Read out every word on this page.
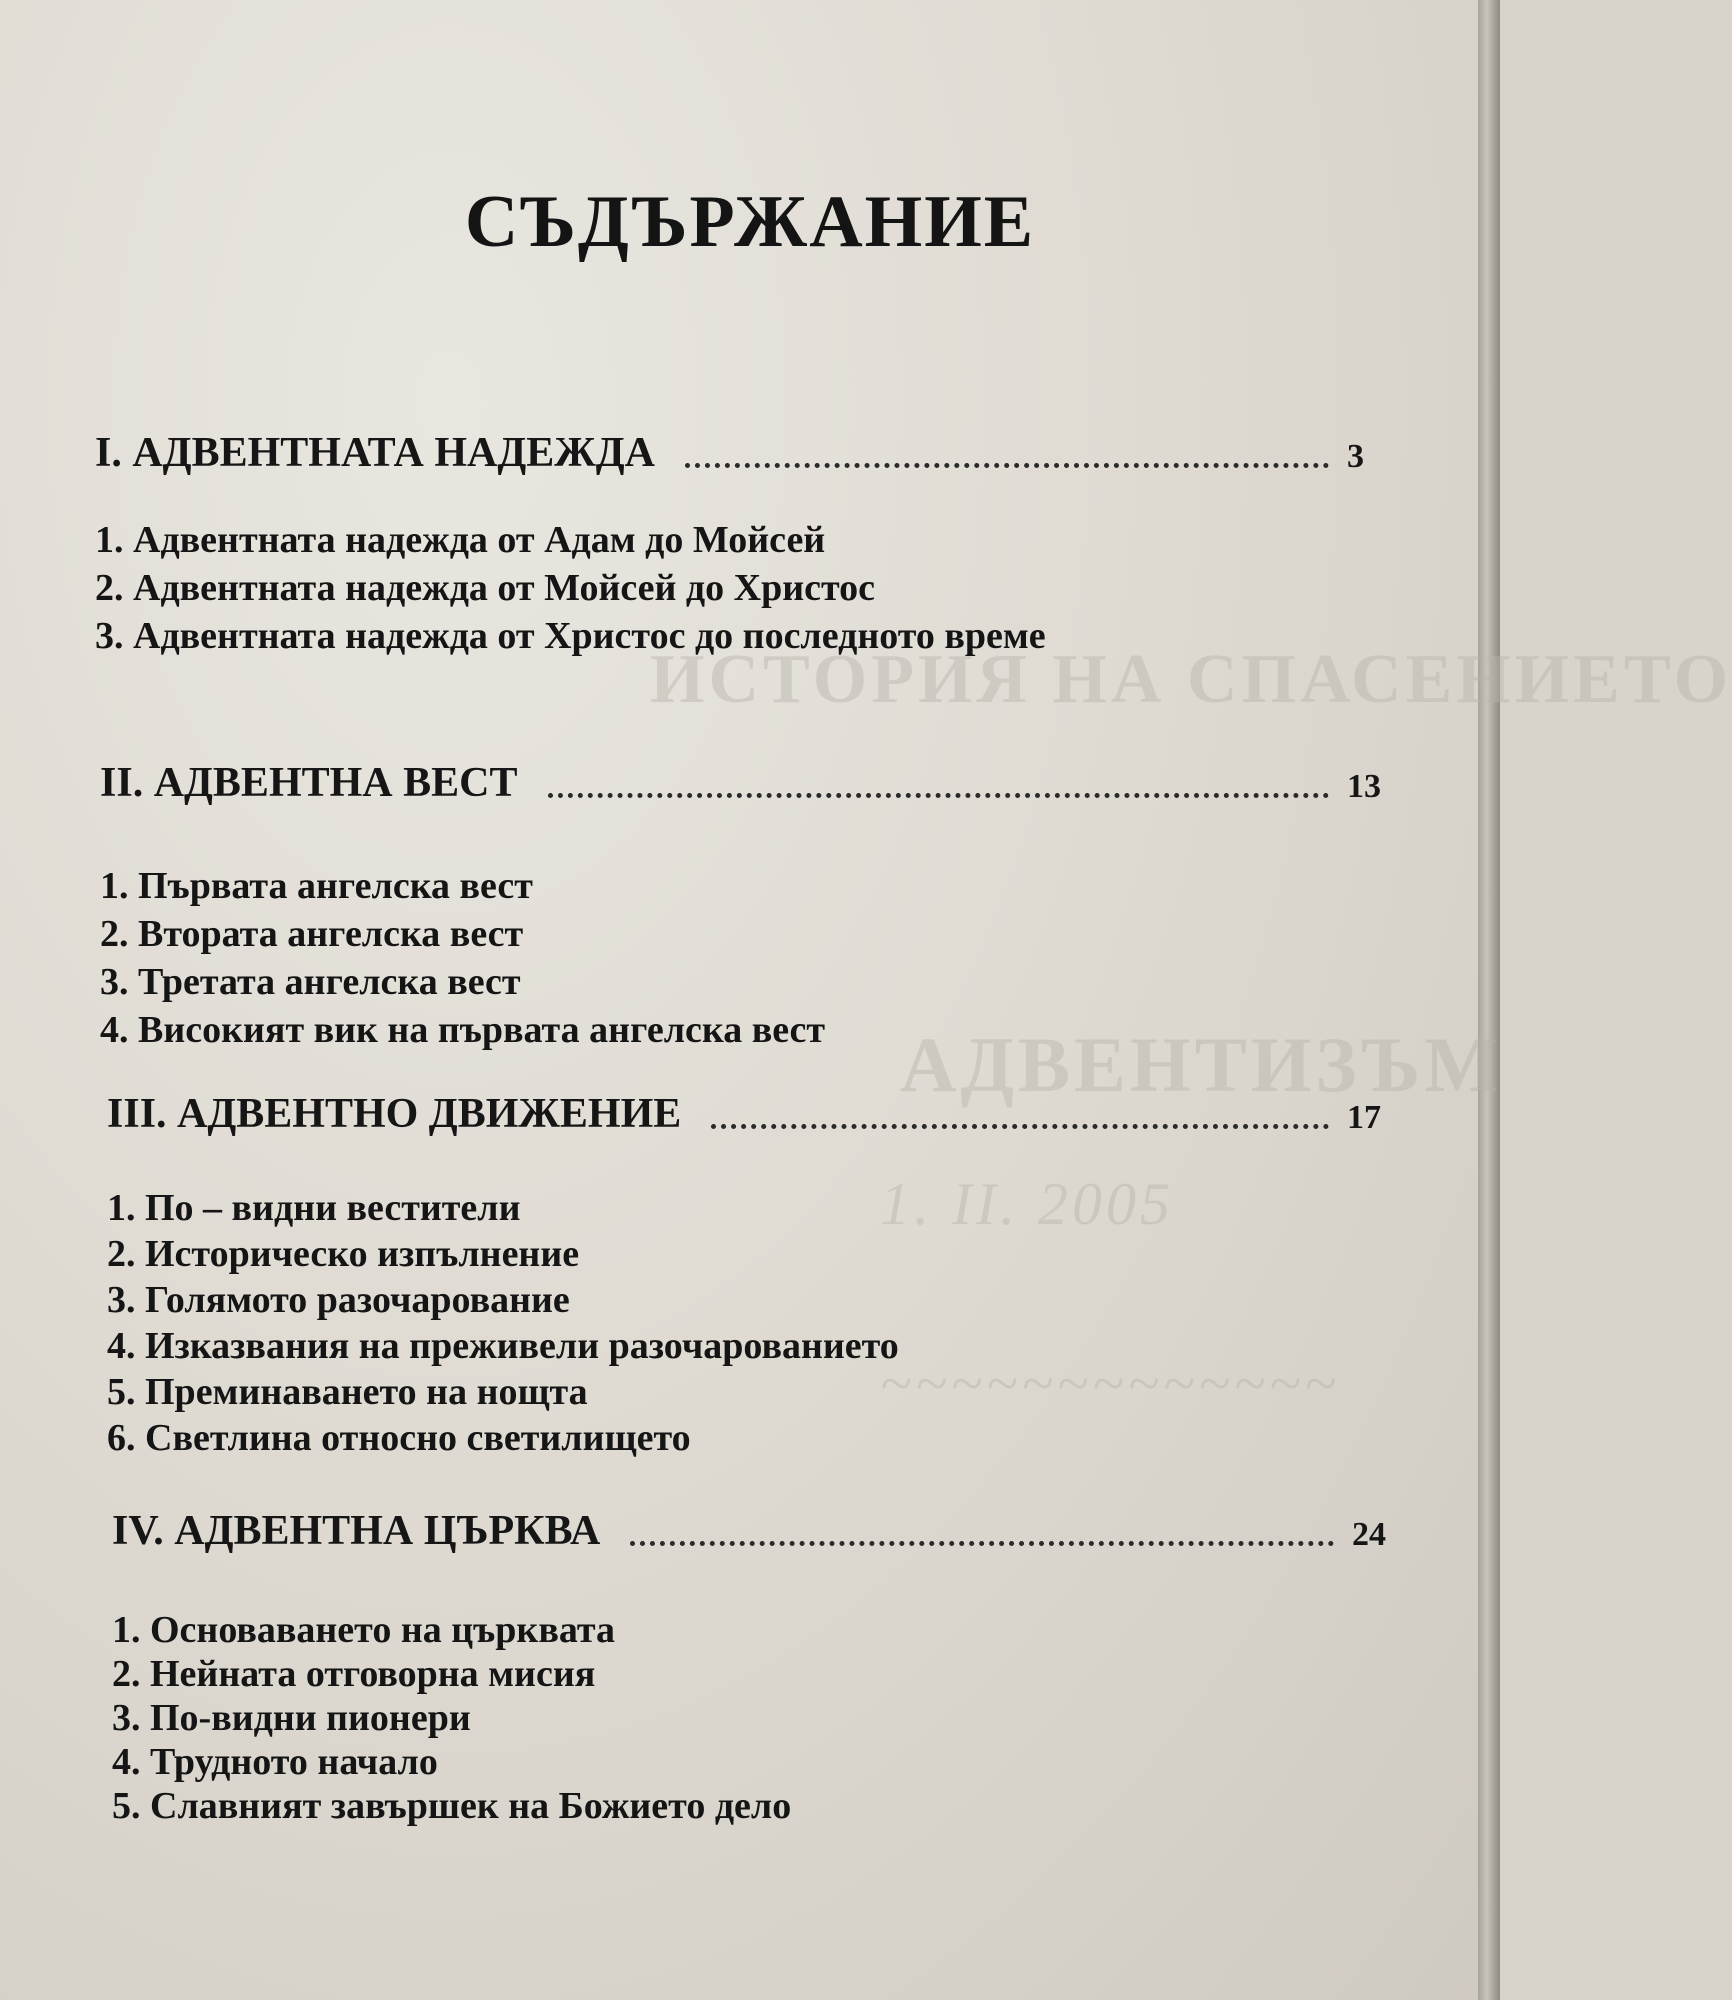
ИСТОРИЯ НА СПАСЕНИЕТО
АДВЕНТИЗЪМ
1. II. 2005
~~~~~~~~~~~~~
СЪДЪРЖАНИЕ
I. АДВЕНТНАТА НАДЕЖДА	3
1. Адвентната надежда от Адам до Мойсей
2. Адвентната надежда от Мойсей до Христос
3. Адвентната надежда от Христос до последното време
II. АДВЕНТНА ВЕСТ	13
1. Първата ангелска вест
2. Втората ангелска вест
3. Третата ангелска вест
4. Високият вик на първата ангелска вест
III. АДВЕНТНО ДВИЖЕНИЕ	17
1. По – видни вестители
2. Историческо изпълнение
3. Голямото разочарование
4. Изказвания на преживели разочарованието
5. Преминаването на нощта
6. Светлина относно светилището
IV. АДВЕНТНА ЦЪРКВА	24
1. Основаването на църквата
2. Нейната отговорна мисия
3. По-видни пионери
4. Трудното начало
5. Славният завършек на Божието дело
